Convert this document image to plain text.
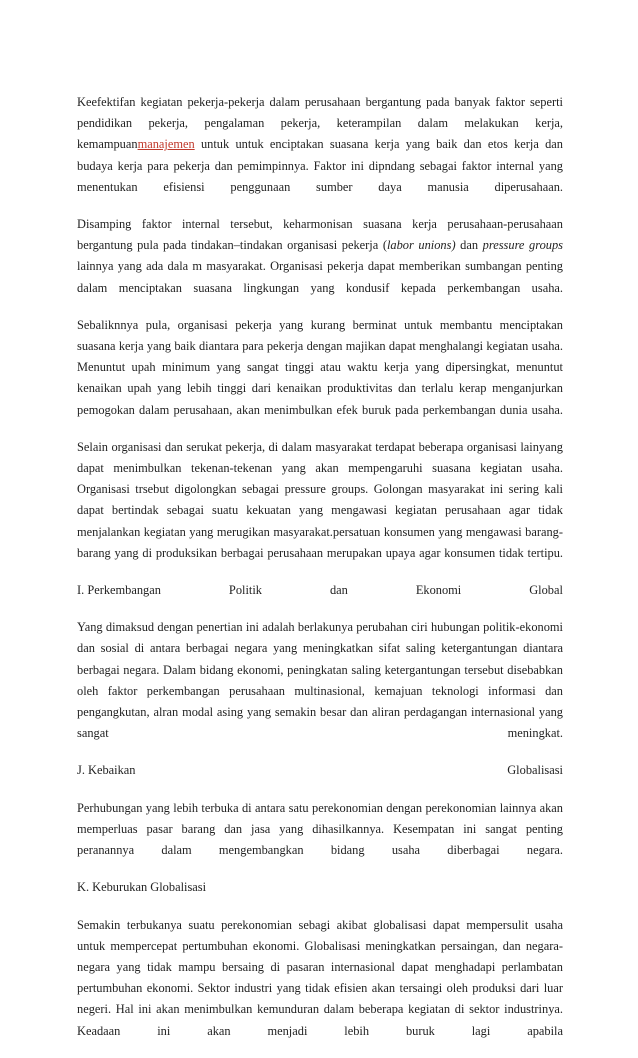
Keefektifan kegiatan pekerja-pekerja dalam perusahaan bergantung pada banyak faktor seperti pendidikan pekerja, pengalaman pekerja, keterampilan dalam melakukan kerja, kemampuanmanajemen untuk untuk enciptakan suasana kerja yang baik dan etos kerja dan budaya kerja para pekerja dan pemimpinnya. Faktor ini dipndang sebagai faktor internal yang menentukan efisiensi penggunaan sumber daya manusia diperusahaan.

Disamping faktor internal tersebut, keharmonisan suasana kerja perusahaan-perusahaan bergantung pula pada tindakan–tindakan organisasi pekerja (labor unions) dan pressure groups lainnya yang ada dala m masyarakat. Organisasi pekerja dapat memberikan sumbangan penting dalam menciptakan suasana lingkungan yang kondusif kepada perkembangan usaha.

Sebaliknnya pula, organisasi pekerja yang kurang berminat untuk membantu menciptakan suasana kerja yang baik diantara para pekerja dengan majikan dapat menghalangi kegiatan usaha. Menuntut upah minimum yang sangat tinggi atau waktu kerja yang dipersingkat, menuntut kenaikan upah yang lebih tinggi dari kenaikan produktivitas dan terlalu kerap menganjurkan pemogokan dalam perusahaan, akan menimbulkan efek buruk pada perkembangan dunia usaha.

Selain organisasi dan serukat pekerja, di dalam masyarakat terdapat beberapa organisasi lainyang dapat menimbulkan tekenan-tekenan yang akan mempengaruhi suasana kegiatan usaha. Organisasi trsebut digolongkan sebagai pressure groups. Golongan masyarakat ini sering kali dapat bertindak sebagai suatu kekuatan yang mengawasi kegiatan perusahaan agar tidak menjalankan kegiatan yang merugikan masyarakat.persatuan konsumen yang mengawasi barang-barang yang di produksikan berbagai perusahaan merupakan upaya agar konsumen tidak tertipu.

I. Perkembangan	Politik	dan	Ekonomi	Global

Yang dimaksud dengan penertian ini adalah berlakunya perubahan ciri hubungan politik-ekonomi dan sosial di antara berbagai negara yang meningkatkan sifat saling ketergantungan diantara berbagai negara. Dalam bidang ekonomi, peningkatan saling ketergantungan tersebut disebabkan oleh faktor perkembangan perusahaan multinasional, kemajuan teknologi informasi dan pengangkutan, alran modal asing yang semakin besar dan aliran perdagangan internasional yang sangat meningkat.

J. Kebaikan	Globalisasi

Perhubungan yang lebih terbuka di antara satu perekonomian dengan perekonomian lainnya akan memperluas pasar barang dan jasa yang dihasilkannya. Kesempatan ini sangat penting peranannya dalam mengembangkan bidang usaha diberbagai negara.

K. Keburukan Globalisasi

Semakin terbukanya suatu perekonomian sebagi akibat globalisasi dapat mempersulit usaha untuk mempercepat pertumbuhan ekonomi. Globalisasi meningkatkan persaingan, dan negara-negara yang tidak mampu bersaing di pasaran internasional dapat menghadapi perlambatan pertumbuhan ekonomi. Sektor industri yang tidak efisien akan tersaingi oleh produksi dari luar negeri. Hal ini akan menimbulkan kemunduran dalam beberapa kegiatan di sektor industrinya. Keadaan ini akan menjadi lebih buruk lagi apabila
